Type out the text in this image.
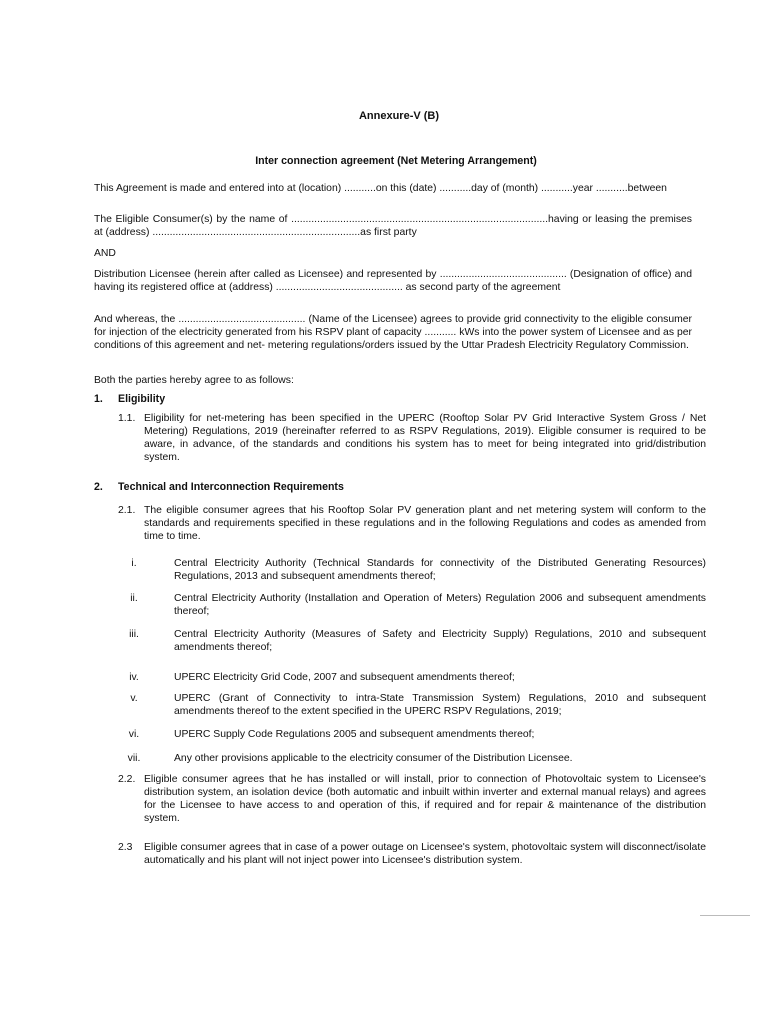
Annexure-V (B)
Inter connection agreement (Net Metering Arrangement)

This Agreement is made and entered into at (location) ...........on this (date) ...........day of (month) ...........year ...........between

The Eligible Consumer(s) by the name of .........................................................................................having or leasing the premises at (address) ........................................................................as first party

AND

Distribution Licensee (herein after called as Licensee) and represented by ............................................ (Designation of office) and having its registered office at (address) ............................................ as second party of the agreement

And whereas, the ............................................ (Name of the Licensee) agrees to provide grid connectivity to the eligible consumer for injection of the electricity generated from his RSPV plant of capacity ........... kWs into the power system of Licensee and as per conditions of this agreement and net- metering regulations/orders issued by the Uttar Pradesh Electricity Regulatory Commission.

Both the parties hereby agree to as follows:

1. Eligibility
1.1. Eligibility for net-metering has been specified in the UPERC (Rooftop Solar PV Grid Interactive System Gross / Net Metering) Regulations, 2019 (hereinafter referred to as RSPV Regulations, 2019). Eligible consumer is required to be aware, in advance, of the standards and conditions his system has to meet for being integrated into grid/distribution system.
2. Technical and Interconnection Requirements
2.1. The eligible consumer agrees that his Rooftop Solar PV generation plant and net metering system will conform to the standards and requirements specified in these regulations and in the following Regulations and codes as amended from time to time.
i.	Central Electricity Authority (Technical Standards for connectivity of the Distributed Generating Resources) Regulations, 2013 and subsequent amendments thereof;
ii.	Central Electricity Authority (Installation and Operation of Meters) Regulation 2006 and subsequent amendments thereof;
iii.	Central Electricity Authority (Measures of Safety and Electricity Supply) Regulations, 2010 and subsequent amendments thereof;
iv.	UPERC Electricity Grid Code, 2007 and subsequent amendments thereof;
v.	UPERC (Grant of Connectivity to intra-State Transmission System) Regulations, 2010 and subsequent amendments thereof to the extent specified in the UPERC RSPV Regulations, 2019;
vi.	UPERC Supply Code Regulations 2005 and subsequent amendments thereof;
vii.	Any other provisions applicable to the electricity consumer of the Distribution Licensee.
2.2. Eligible consumer agrees that he has installed or will install, prior to connection of Photovoltaic system to Licensee's distribution system, an isolation device (both automatic and inbuilt within inverter and external manual relays) and agrees for the Licensee to have access to and operation of this, if required and for repair & maintenance of the distribution system.
2.3	Eligible consumer agrees that in case of a power outage on Licensee's system, photovoltaic system will disconnect/isolate automatically and his plant will not inject power into Licensee's distribution system.
